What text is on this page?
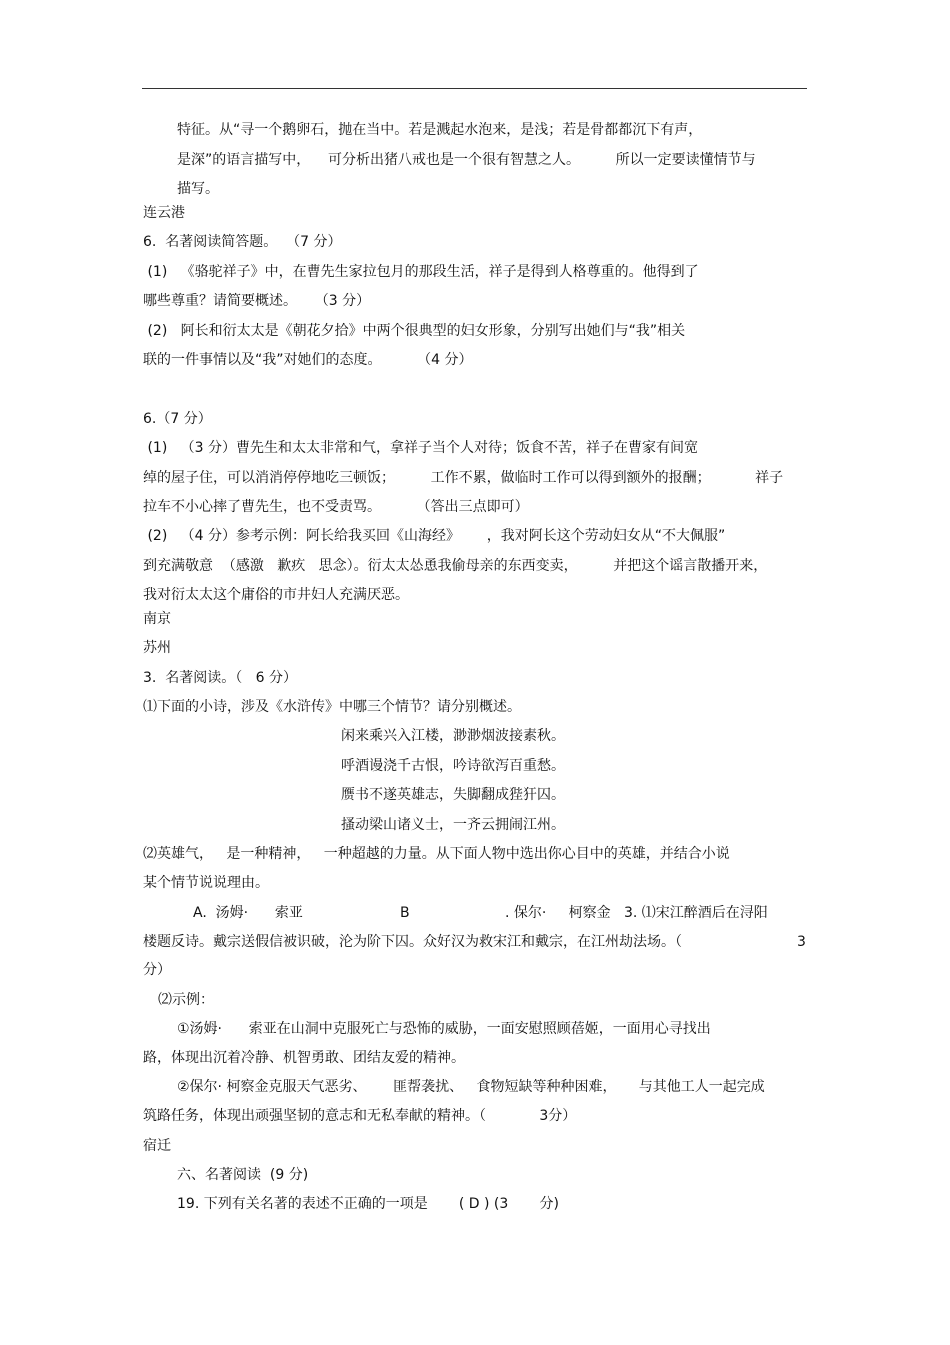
特征。从“寻一个鹅卵石，抛在当中。若是溅起水泡来，是浅；若是骨都都沉下有声，
是深”的语言描写中，    可分析出猪八戒也是一个很有智慧之人。        所以一定要读懂情节与
描写。
连云港
6.  名著阅读简答题。  （7 分）
(1)   《骆驼祥子》中，在曹先生家拉包月的那段生活，祥子是得到人格尊重的。他得到了
哪些尊重？请简要概述。    （3 分）
(2)   阿长和衍太太是《朝花夕拾》中两个很典型的妇女形象，分别写出她们与“我”相关
联的一件事情以及“我”对她们的态度。        （4 分）
6.（7 分）
(1)   （3 分）曹先生和太太非常和气，拿祥子当个人对待；饭食不苦，祥子在曹家有间宽
绰的屋子住，可以消消停停地吃三顿饭；        工作不累，做临时工作可以得到额外的报酬；          祥子
拉车不小心摔了曹先生，也不受责骂。        （答出三点即可）
(2)   （4 分）参考示例：阿长给我买回《山海经》      ，我对阿长这个劳动妇女从“不大佩服”
到充满敬意  （感激   歉疚   思念）。衍太太怂恿我偷母亲的东西变卖，        并把这个谣言散播开来，
我对衍太太这个庸俗的市井妇人充满厌恶。
南京
苏州
3.  名著阅读。（   6 分）
⑴下面的小诗，涉及《水浒传》中哪三个情节？请分别概述。
闲来乘兴入江楼，渺渺烟波接素秋。
呼酒谩浇千古恨，吟诗欲泻百重愁。
赝书不遂英雄志，失脚翻成狴犴囚。
搔动梁山诸义士，一齐云拥闹江州。
⑵英雄气，   是一种精神，   一种超越的力量。从下面人物中选出你心目中的英雄，并结合小说
某个情节说说理由。
A.  汤姆·      索亚	B	. 保尔·     柯察金   3. ⑴宋江醉酒后在浔阳
楼题反诗。戴宗送假信被识破，沦为阶下囚。众好汉为救宋江和戴宗，在江州劫法场。（	3
分）
⑵示例：
①汤姆·      索亚在山洞中克服死亡与恐怖的威胁，一面安慰照顾蓓姬，一面用心寻找出
路，体现出沉着冷静、机智勇敢、团结友爱的精神。
②保尔· 柯察金克服天气恶劣、      匪帮袭扰、   食物短缺等种种困难，     与其他工人一起完成
筑路任务，体现出顽强坚韧的意志和无私奉献的精神。（            3分）
宿迁
六、名著阅读  (9 分)
19. 下列有关名著的表述不正确的一项是       ( D ) (3       分)
